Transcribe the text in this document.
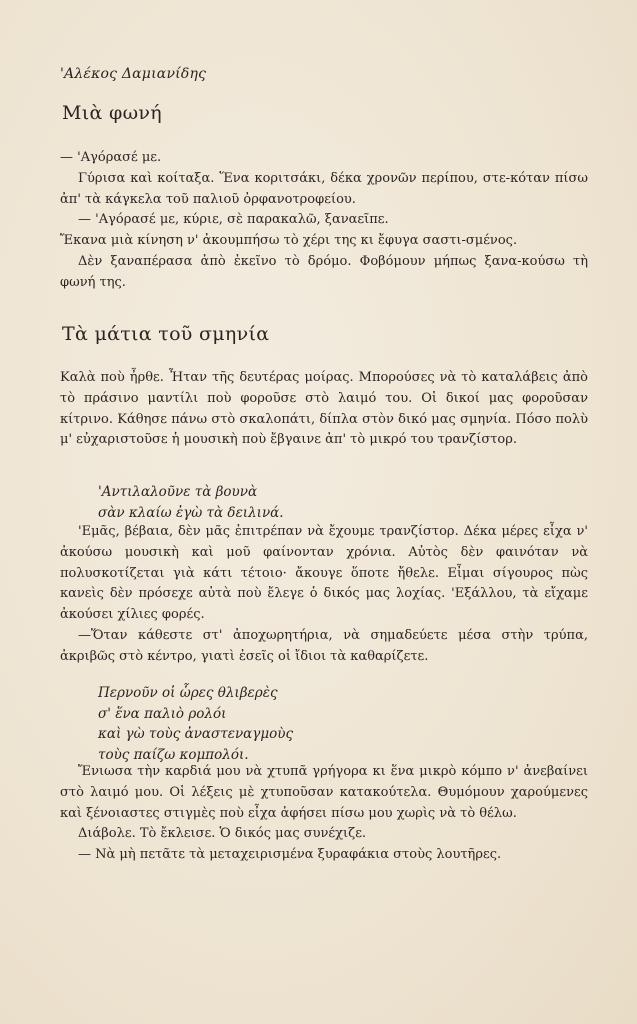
'Αλέκος Δαμιανίδης
Μιὰ φωνή

— 'Αγόρασέ με.

Γύρισα καὶ κοίταξα. Ἕνα κοριτσάκι, δέκα χρονῶν περίπου, στε-κόταν πίσω ἀπ' τὰ κάγκελα τοῦ παλιοῦ ὀρφανοτροφείου.

— 'Αγόρασέ με, κύριε, σὲ παρακαλῶ, ξαναεῖπε.

Ἔκανα μιὰ κίνηση ν' ἀκουμπήσω τὸ χέρι της κι ἔφυγα σαστι-σμένος.

Δὲν ξαναπέρασα ἀπὸ ἐκεῖνο τὸ δρόμο. Φοβόμουν μήπως ξανα-κούσω τὴ φωνή της.

Τὰ μάτια τοῦ σμηνία

Καλὰ ποὺ ἦρθε. Ἦταν τῆς δευτέρας μοίρας. Μπορούσες νὰ τὸ καταλάβεις ἀπὸ τὸ πράσινο μαντίλι ποὺ φοροῦσε στὸ λαιμό του. Οἱ δικοί μας φοροῦσαν κίτρινο. Κάθησε πάνω στὸ σκαλοπάτι, δίπλα στὸν δικό μας σμηνία. Πόσο πολὺ μ' εὐχαριστοῦσε ἡ μουσικὴ ποὺ ἔβγαινε ἀπ' τὸ μικρό του τρανζίστορ.

'Αντιλαλοῦνε τὰ βουνὰ
σὰν κλαίω ἐγὼ τὰ δειλινά.

'Εμᾶς, βέβαια, δὲν μᾶς ἐπιτρέπαν νὰ ἔχουμε τρανζίστορ. Δέκα μέρες εἶχα ν' ἀκούσω μουσικὴ καὶ μοῦ φαίνονταν χρόνια. Αὐτὸς δὲν φαινόταν νὰ πολυσκοτίζεται γιὰ κάτι τέτοιο· ἄκουγε ὅποτε ἤθελε. Εἶμαι σίγουρος πὼς κανεὶς δὲν πρόσεχε αὐτὰ ποὺ ἔλεγε ὁ δικός μας λοχίας. 'Εξάλλου, τὰ εἴχαμε ἀκούσει χίλιες φορές.

—Ὅταν κάθεστε στ' ἀποχωρητήρια, νὰ σημαδεύετε μέσα στὴν τρύπα, ἀκριβῶς στὸ κέντρο, γιατὶ ἐσεῖς οἱ ἴδιοι τὰ καθαρίζετε.

Περνοῦν οἱ ὧρες θλιβερὲς
σ' ἕνα παλιὸ ρολόι
καὶ γὼ τοὺς ἀναστεναγμοὺς
τοὺς παίζω κομπολόι.

Ἔνιωσα τὴν καρδιά μου νὰ χτυπᾶ γρήγορα κι ἕνα μικρὸ κόμπο ν' ἀνεβαίνει στὸ λαιμό μου. Οἱ λέξεις μὲ χτυποῦσαν κατακούτελα. Θυμόμουν χαρούμενες καὶ ξένοιαστες στιγμὲς ποὺ εἶχα ἀφήσει πίσω μου χωρὶς νὰ τὸ θέλω.

Διάβολε. Τὸ ἔκλεισε. Ὁ δικός μας συνέχιζε.

— Νὰ μὴ πετᾶτε τὰ μεταχειρισμένα ξυραφάκια στοὺς λουτῆρες.
